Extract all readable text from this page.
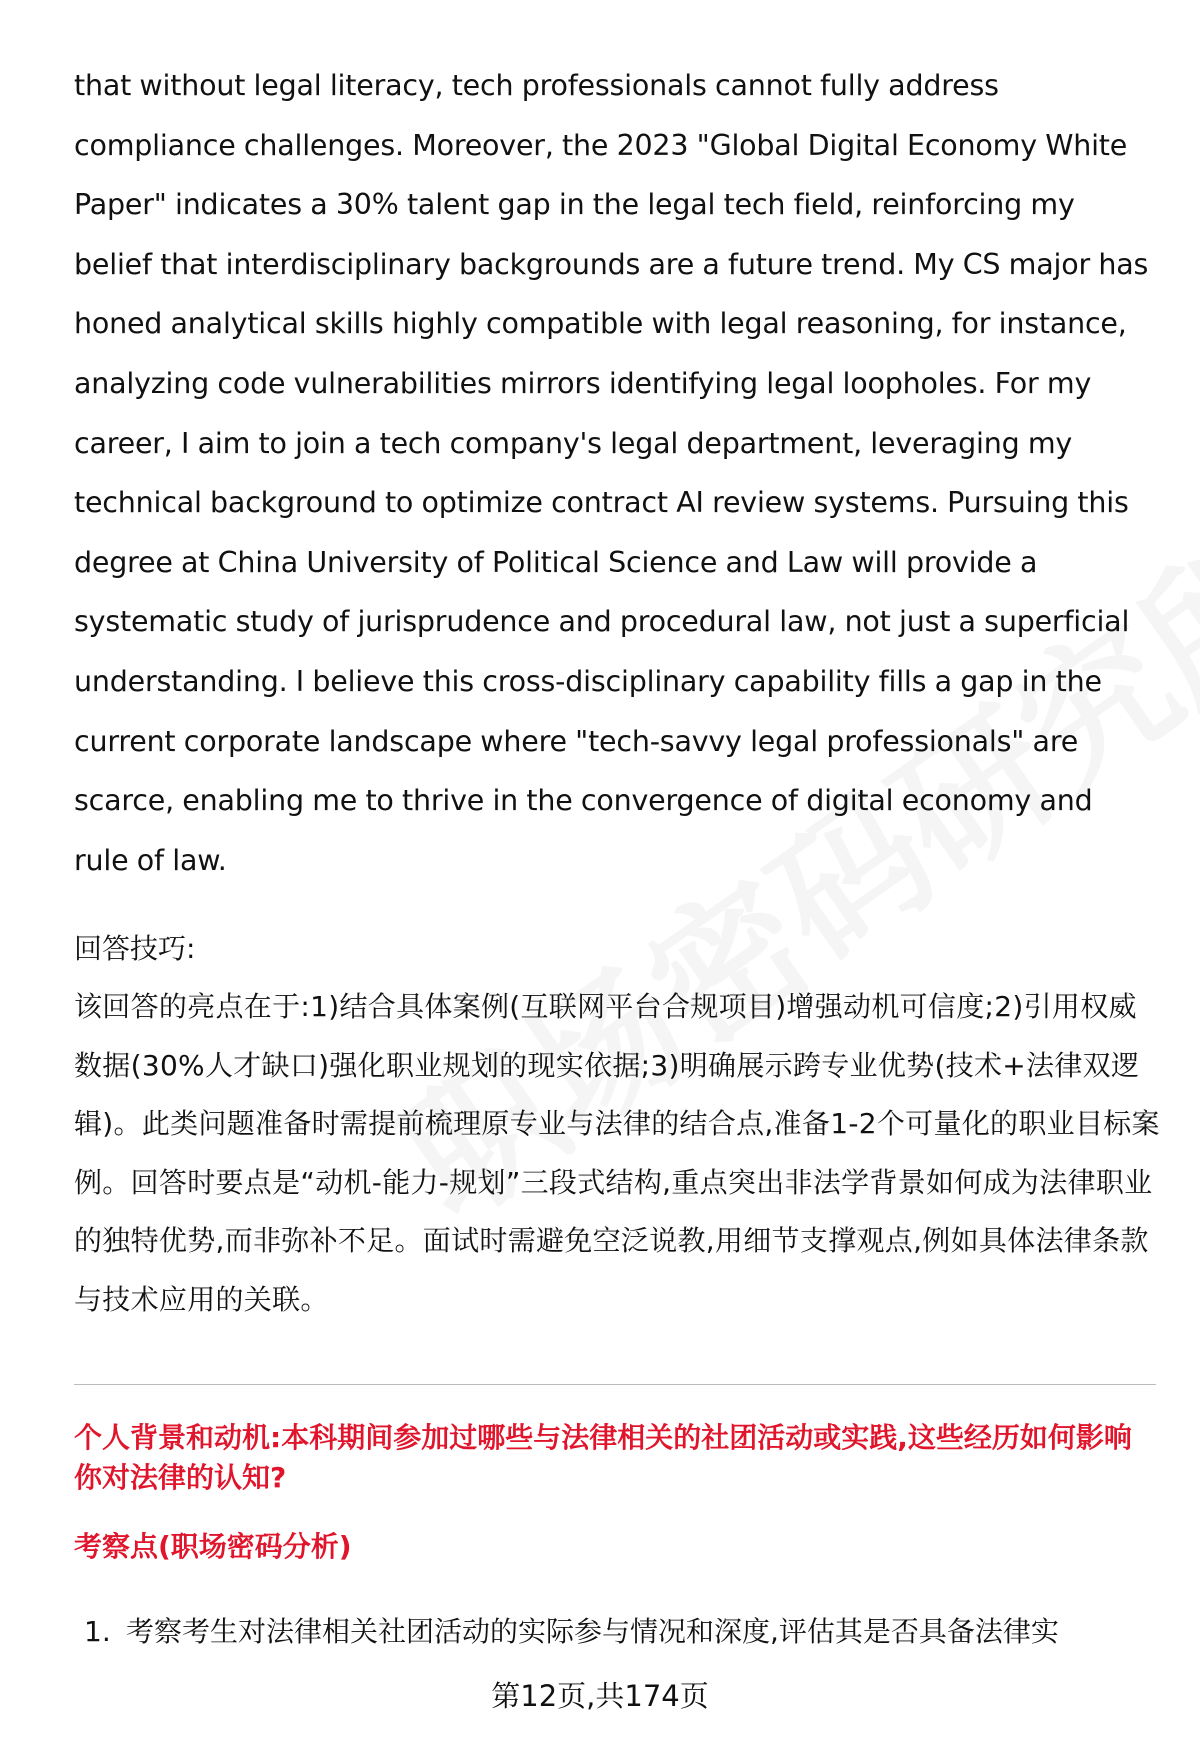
that without legal literacy, tech professionals cannot fully address compliance challenges. Moreover, the 2023 "Global Digital Economy White Paper" indicates a 30% talent gap in the legal tech field, reinforcing my belief that interdisciplinary backgrounds are a future trend. My CS major has honed analytical skills highly compatible with legal reasoning, for instance, analyzing code vulnerabilities mirrors identifying legal loopholes. For my career, I aim to join a tech company's legal department, leveraging my technical background to optimize contract AI review systems. Pursuing this degree at China University of Political Science and Law will provide a systematic study of jurisprudence and procedural law, not just a superficial understanding. I believe this cross-disciplinary capability fills a gap in the current corporate landscape where "tech-savvy legal professionals" are scarce, enabling me to thrive in the convergence of digital economy and rule of law.

回答技巧:

该回答的亮点在于:1)结合具体案例(互联网平台合规项目)增强动机可信度;2)引用权威数据(30%人才缺口)强化职业规划的现实依据;3)明确展示跨专业优势(技术+法律双逻辑)。此类问题准备时需提前梳理原专业与法律的结合点,准备1-2个可量化的职业目标案例。回答时要点是“动机-能力-规划”三段式结构,重点突出非法学背景如何成为法律职业的独特优势,而非弥补不足。面试时需避免空泛说教,用细节支撑观点,例如具体法律条款与技术应用的关联。

个人背景和动机:本科期间参加过哪些与法律相关的社团活动或实践,这些经历如何影响你对法律的认知?

考察点(职场密码分析)

1. 考察考生对法律相关社团活动的实际参与情况和深度,评估其是否具备法律实

第12页,共174页
